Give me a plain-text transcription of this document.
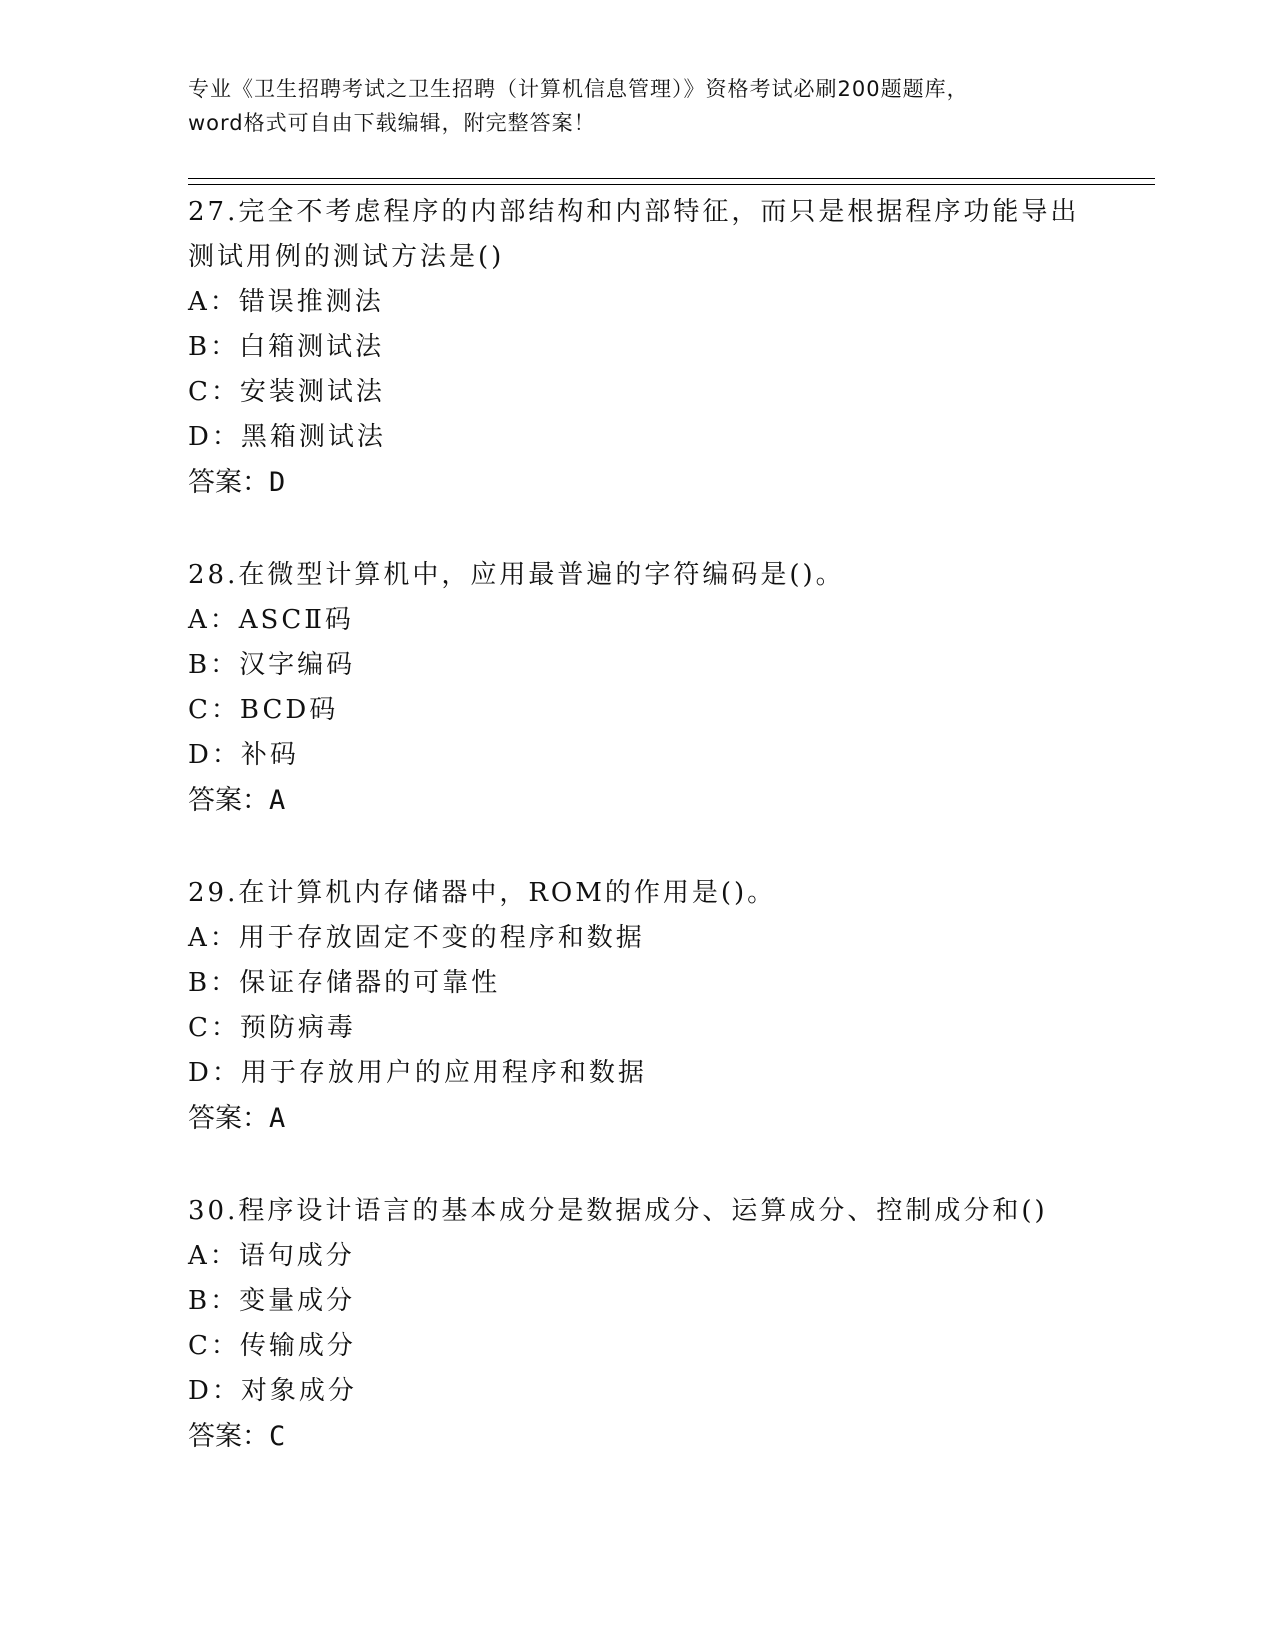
专业《卫生招聘考试之卫生招聘（计算机信息管理）》资格考试必刷200题题库，
word格式可自由下载编辑，附完整答案！

27.完全不考虑程序的内部结构和内部特征，而只是根据程序功能导出

测试用例的测试方法是()

A：错误推测法

B：白箱测试法

C：安装测试法

D：黑箱测试法

答案：D

28.在微型计算机中，应用最普遍的字符编码是()。

A：ASCⅡ码

B：汉字编码

C：BCD码

D：补码

答案：A

29.在计算机内存储器中，ROM的作用是()。

A：用于存放固定不变的程序和数据

B：保证存储器的可靠性

C：预防病毒

D：用于存放用户的应用程序和数据

答案：A

30.程序设计语言的基本成分是数据成分、运算成分、控制成分和()

A：语句成分

B：变量成分

C：传输成分

D：对象成分

答案：C
